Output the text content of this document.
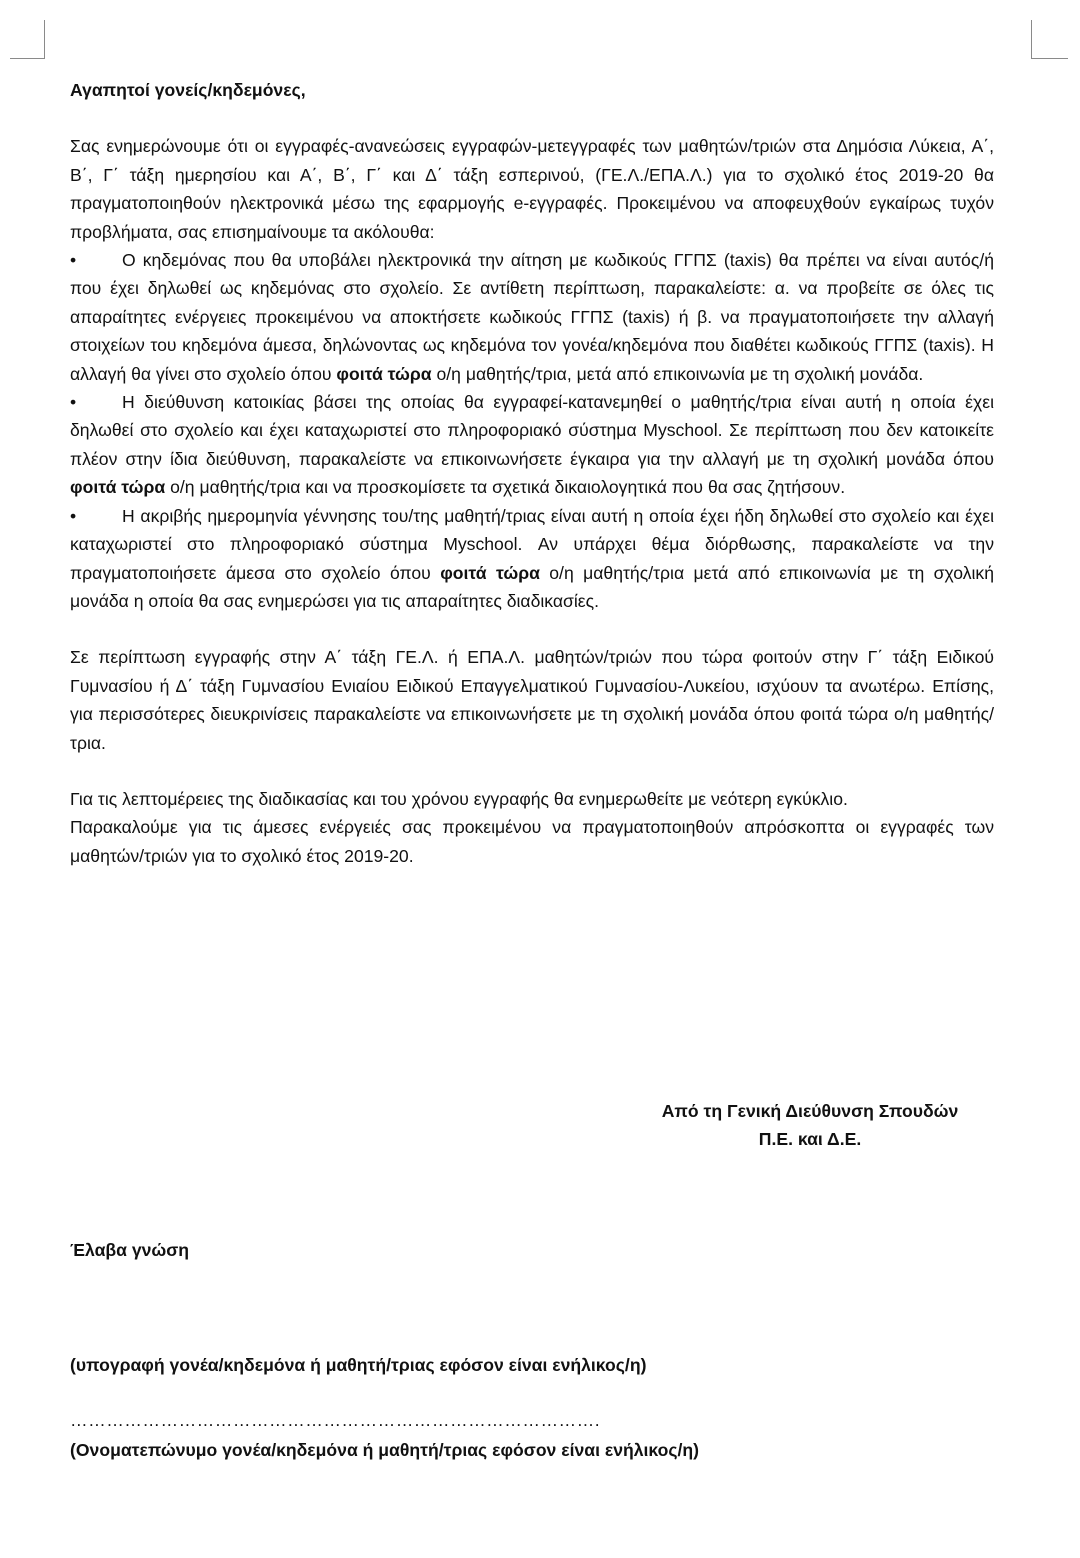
Αγαπητοί γονείς/κηδεμόνες,

Σας ενημερώνουμε ότι οι εγγραφές-ανανεώσεις εγγραφών-μετεγγραφές των μαθητών/τριών στα Δημόσια Λύκεια, Α΄, Β΄, Γ΄ τάξη ημερησίου και Α΄, Β΄, Γ΄ και Δ΄ τάξη εσπερινού, (ΓΕ.Λ./ΕΠΑ.Λ.) για το σχολικό έτος 2019-20 θα πραγματοποιηθούν ηλεκτρονικά μέσω της εφαρμογής e-εγγραφές. Προκειμένου να αποφευχθούν εγκαίρως τυχόν προβλήματα, σας επισημαίνουμε τα ακόλουθα:

•Ο κηδεμόνας που θα υποβάλει ηλεκτρονικά την αίτηση με κωδικούς ΓΓΠΣ (taxis) θα πρέπει να είναι αυτός/ή που έχει δηλωθεί ως κηδεμόνας στο σχολείο. Σε αντίθετη περίπτωση, παρακαλείστε: α. να προβείτε σε όλες τις απαραίτητες ενέργειες προκειμένου να αποκτήσετε κωδικούς ΓΓΠΣ (taxis) ή β. να πραγματοποιήσετε την αλλαγή στοιχείων του κηδεμόνα άμεσα, δηλώνοντας ως κηδεμόνα τον γονέα/κηδεμόνα που διαθέτει κωδικούς ΓΓΠΣ (taxis). Η αλλαγή θα γίνει στο σχολείο όπου φοιτά τώρα ο/η μαθητής/τρια, μετά από επικοινωνία με τη σχολική μονάδα.

•Η διεύθυνση κατοικίας βάσει της οποίας θα εγγραφεί-κατανεμηθεί ο μαθητής/τρια είναι αυτή η οποία έχει δηλωθεί στο σχολείο και έχει καταχωριστεί στο πληροφοριακό σύστημα Myschool. Σε περίπτωση που δεν κατοικείτε πλέον στην ίδια διεύθυνση, παρακαλείστε να επικοινωνήσετε έγκαιρα για την αλλαγή με τη σχολική μονάδα όπου φοιτά τώρα ο/η μαθητής/τρια και να προσκομίσετε τα σχετικά δικαιολογητικά που θα σας ζητήσουν.

•Η ακριβής ημερομηνία γέννησης του/της μαθητή/τριας είναι αυτή η οποία έχει ήδη δηλωθεί στο σχολείο και έχει καταχωριστεί στο πληροφοριακό σύστημα Myschool. Αν υπάρχει θέμα διόρθωσης, παρακαλείστε να την πραγματοποιήσετε άμεσα στο σχολείο όπου φοιτά τώρα ο/η μαθητής/τρια μετά από επικοινωνία με τη σχολική μονάδα η οποία θα σας ενημερώσει για τις απαραίτητες διαδικασίες.

Σε περίπτωση εγγραφής στην Α΄ τάξη ΓΕ.Λ. ή ΕΠΑ.Λ. μαθητών/τριών που τώρα φοιτούν στην Γ΄ τάξη Ειδικού Γυμνασίου ή Δ΄ τάξη Γυμνασίου Ενιαίου Ειδικού Επαγγελματικού Γυμνασίου-Λυκείου, ισχύουν τα ανωτέρω. Επίσης, για περισσότερες διευκρινίσεις παρακαλείστε να επικοινωνήσετε με τη σχολική μονάδα όπου φοιτά τώρα ο/η μαθητής/τρια.

Για τις λεπτομέρειες της διαδικασίας και του χρόνου εγγραφής θα ενημερωθείτε με νεότερη εγκύκλιο.

Παρακαλούμε για τις άμεσες ενέργειές σας προκειμένου να πραγματοποιηθούν απρόσκοπτα οι εγγραφές των μαθητών/τριών για το σχολικό έτος 2019-20.

Από τη Γενική Διεύθυνση Σπουδών
Π.Ε. και Δ.Ε.
Έλαβα γνώση
(υπογραφή γονέα/κηδεμόνα ή μαθητή/τριας εφόσον είναι ενήλικος/η)
…………………………………………………………………………….
(Ονοματεπώνυμο γονέα/κηδεμόνα ή μαθητή/τριας εφόσον είναι ενήλικος/η)
